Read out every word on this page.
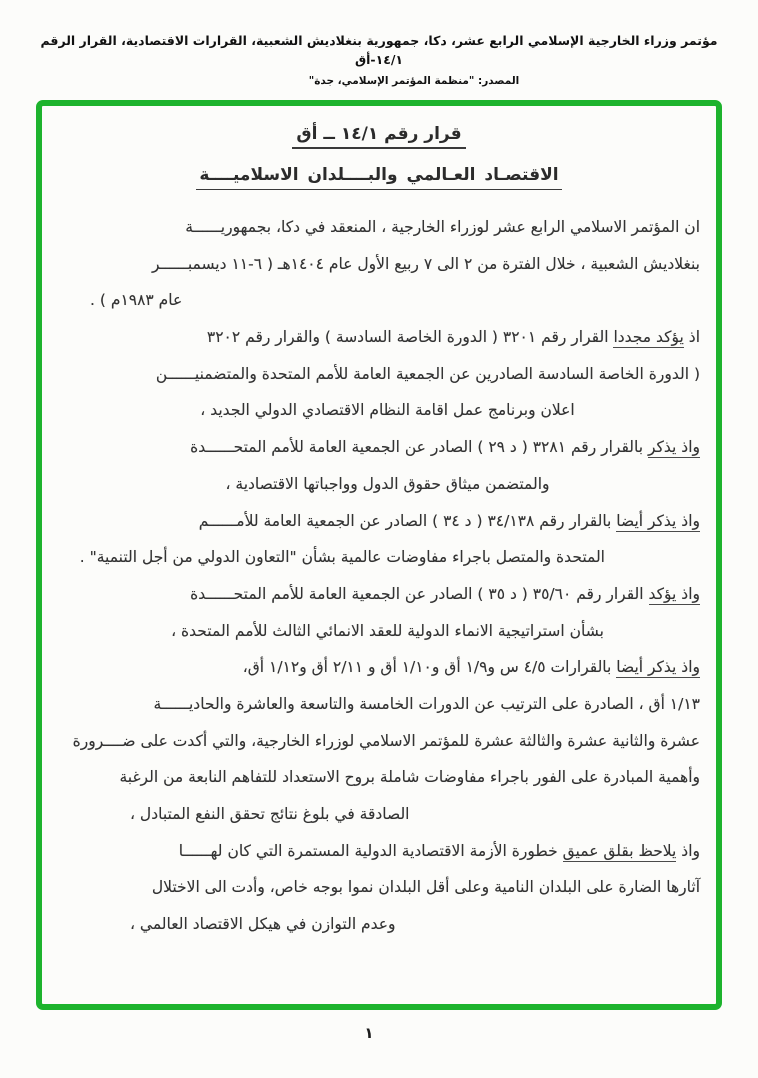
مؤتمر وزراء الخارجية الإسلامي الرابع عشر، دكا، جمهورية بنغلاديش الشعبية، القرارات الاقتصادية، القرار الرقم ١٤/١-أق
المصدر: "منظمة المؤتمر الإسلامي، جدة"
قرار رقم ١٤/١ ــ أق
الاقتصـاد العـالمي والبــــلدان الاسلاميــــة
ان المؤتمر الاسلامي الرابع عشر لوزراء الخارجية ، المنعقد في دكا، بجمهوريــــــة
بنغلاديش الشعبية ، خلال الفترة من ٢ الى ٧ ربيع الأول عام ١٤٠٤هـ ( ٦-١١ ديسمبــــــر
عام ١٩٨٣م ) .
اذ يؤكد مجددا القرار رقم ٣٢٠١ ( الدورة الخاصة السادسة ) والقرار رقم ٣٢٠٢
( الدورة الخاصة السادسة الصادرين عن الجمعية العامة للأمم المتحدة والمتضمنيــــــن
اعلان وبرنامج عمل اقامة النظام الاقتصادي الدولي الجديد ،
واذ يذكر بالقرار رقم ٣٢٨١ ( د ٢٩ ) الصادر عن الجمعية العامة للأمم المتحــــــدة
والمتضمن ميثاق حقوق الدول وواجباتها الاقتصادية ،
واذ يذكر أيضا بالقرار رقم ٣٤/١٣٨ ( د ٣٤ ) الصادر عن الجمعية العامة للأمــــــم
المتحدة والمتصل باجراء مفاوضات عالمية بشأن "التعاون الدولي من أجل التنمية" .
واذ يؤكد القرار رقم ٣٥/٦٠ ( د ٣٥ ) الصادر عن الجمعية العامة للأمم المتحــــــدة
بشأن استراتيجية الانماء الدولية للعقد الانمائي الثالث للأمم المتحدة ،
واذ يذكر أيضا بالقرارات ٤/٥ س و١/٩ أق و١/١٠ أق و ٢/١١ أق و١/١٢ أق،
١/١٣ أق ، الصادرة على الترتيب عن الدورات الخامسة والتاسعة والعاشرة والحاديــــــة
عشرة والثانية عشرة والثالثة عشرة للمؤتمر الاسلامي لوزراء الخارجية، والتي أكدت على ضــــرورة
وأهمية المبادرة على الفور باجراء مفاوضات شاملة بروح الاستعداد للتفاهم النابعة من الرغبة
الصادقة في بلوغ نتائج تحقق النفع المتبادل ،
واذ يلاحظ بقلق عميق خطورة الأزمة الاقتصادية الدولية المستمرة التي كان لهــــــا
آثارها الضارة على البلدان النامية وعلى أقل البلدان نموا بوجه خاص، وأدت الى الاختلال
وعدم التوازن في هيكل الاقتصاد العالمي ،
١
